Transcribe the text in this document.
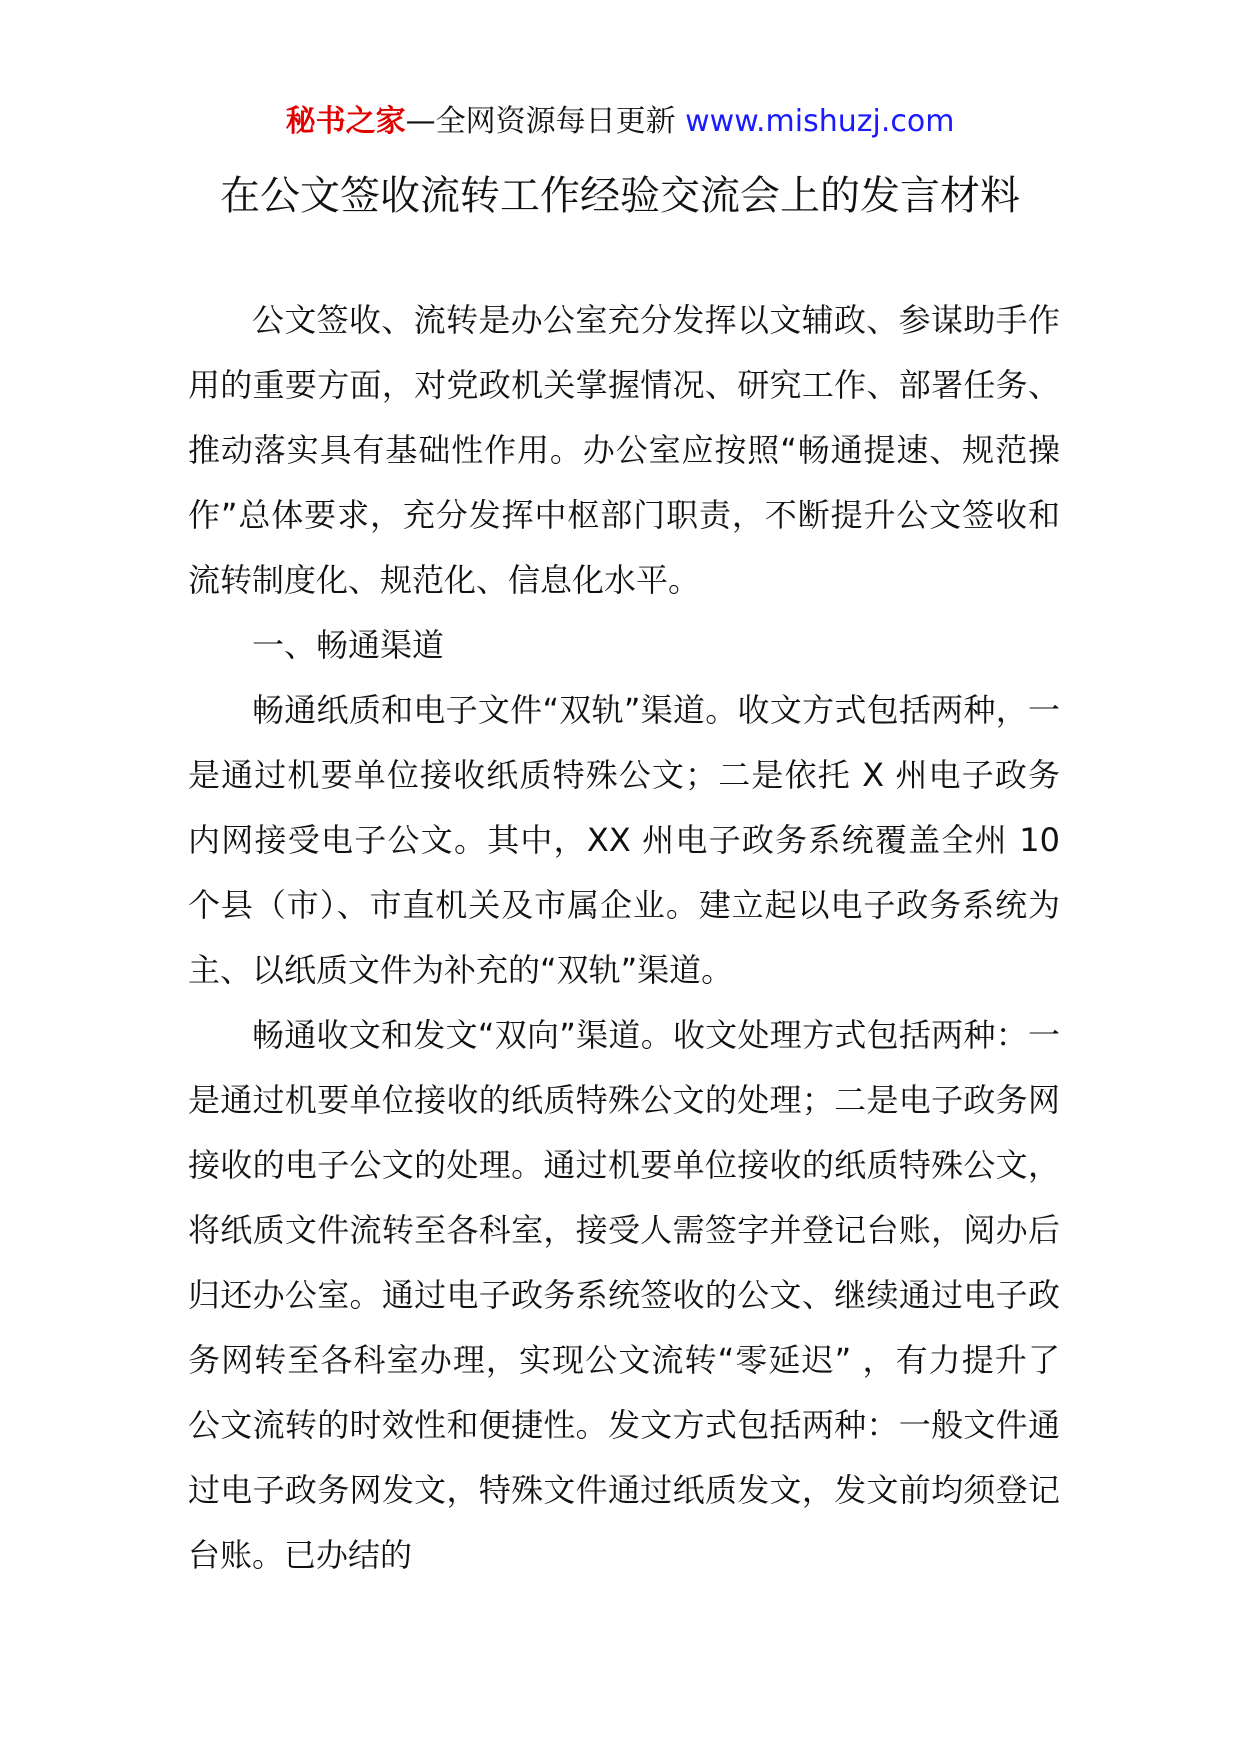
秘书之家—全网资源每日更新 www.mishuzj.com
在公文签收流转工作经验交流会上的发言材料

公文签收、流转是办公室充分发挥以文辅政、参谋助手作用的重要方面，对党政机关掌握情况、研究工作、部署任务、推动落实具有基础性作用。办公室应按照“畅通提速、规范操作”总体要求，充分发挥中枢部门职责，不断提升公文签收和流转制度化、规范化、信息化水平。

一、畅通渠道

畅通纸质和电子文件“双轨”渠道。收文方式包括两种，一是通过机要单位接收纸质特殊公文；二是依托 X 州电子政务内网接受电子公文。其中，XX 州电子政务系统覆盖全州 10 个县（市）、市直机关及市属企业。建立起以电子政务系统为主、以纸质文件为补充的“双轨”渠道。

畅通收文和发文“双向”渠道。收文处理方式包括两种：一是通过机要单位接收的纸质特殊公文的处理；二是电子政务网接收的电子公文的处理。通过机要单位接收的纸质特殊公文，将纸质文件流转至各科室，接受人需签字并登记台账，阅办后归还办公室。通过电子政务系统签收的公文、继续通过电子政务网转至各科室办理，实现公文流转“零延迟” ，有力提升了公文流转的时效性和便捷性。发文方式包括两种：一般文件通过电子政务网发文，特殊文件通过纸质发文，发文前均须登记台账。已办结的
